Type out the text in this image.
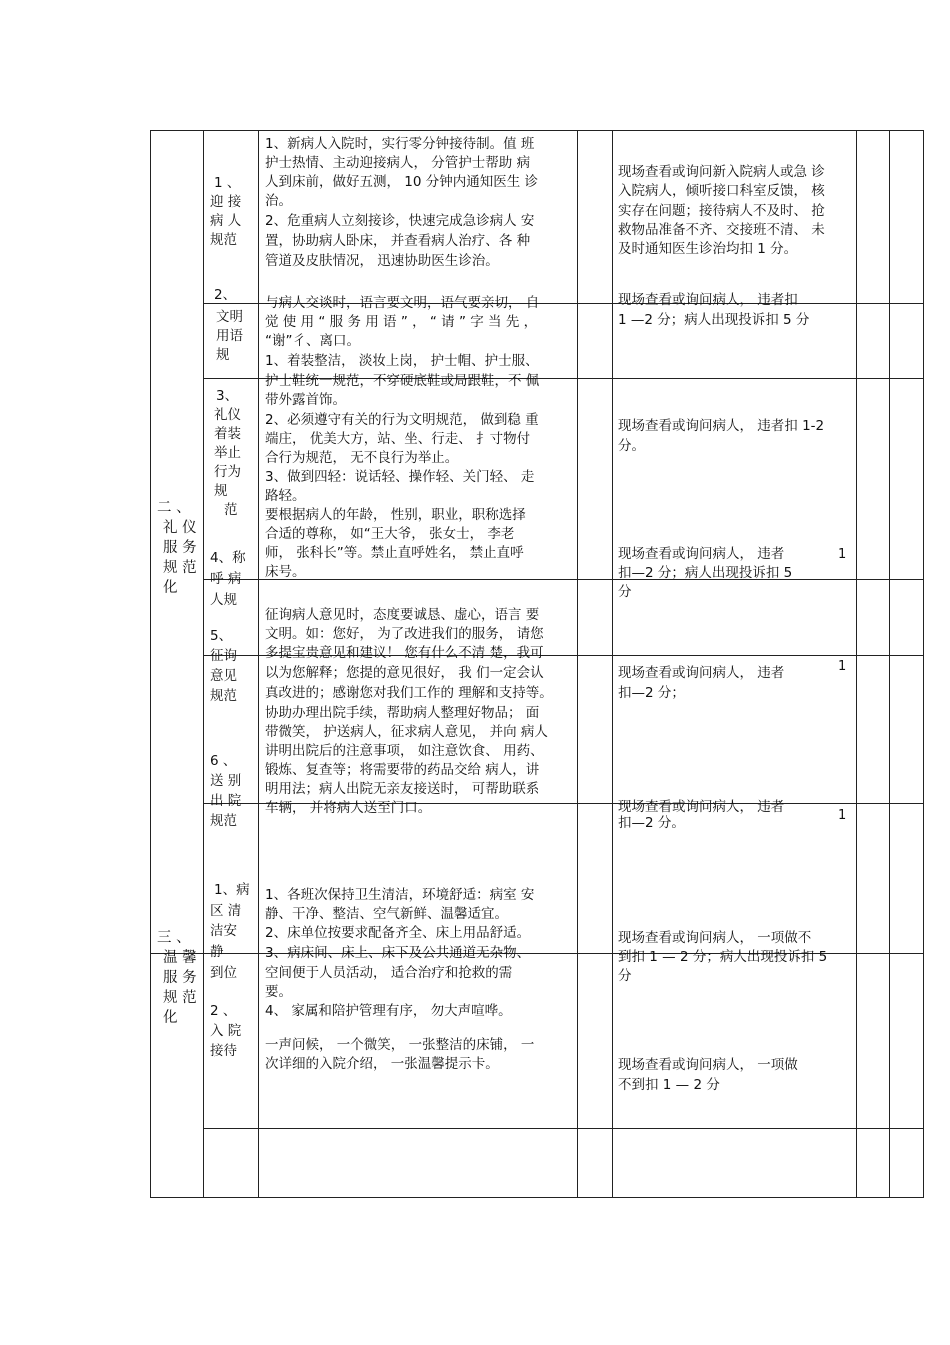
二 、
礼 仪
服 务
规 范
化
三 、
温 馨
服 务
规 范
化
1 、
迎 接
病 人
规范
2、
文明
用语
规
3、
礼仪
着装
举止
行为
规
范
4、称
呼 病
人规
5、
征询
意见
规范
6 、
送 别
出 院
规范
1、病
区 清
洁安
静
到位
2 、
入 院
接待
1、新病人入院时，实行零分钟接待制。值 班
护士热情、主动迎接病人， 分管护士帮助 病
人到床前，做好五测， 10 分钟内通知医生 诊
治。
2、危重病人立刻接诊，快速完成急诊病人 安
置，协助病人卧床， 并查看病人治疗、各 种
管道及皮肤情况， 迅速协助医生诊治。
与病人交谈时，语言要文明，语气要亲切， 自
觉 使 用 “ 服 务 用 语 ” ， “ 请 ” 字 当 先 ，
“谢”彳、离口。
1、着装整洁， 淡妆上岗， 护士帽、护士服、
护士鞋统一规范，不穿硬底鞋或局跟鞋，不 佩
带外露首饰。
2、必须遵守有关的行为文明规范， 做到稳 重
端庄， 优美大方，站、坐、行走、 扌寸物付
合行为规范， 无不良行为举止。
3、做到四轻：说话轻、操作轻、关门轻、 走
路轻。
要根据病人的年龄， 性别，职业，职称选择
合适的尊称， 如“王大爷， 张女士， 李老
师， 张科长”等。禁止直呼姓名， 禁止直呼
床号。
征询病人意见时，态度要诚恳、虚心，语言 要
文明。如：您好， 为了改进我们的服务， 请您
多提宝贵意见和建议！ 您有什么不清 楚，我可
以为您解释；您提的意见很好， 我 们一定会认
真改进的；感谢您对我们工作的 理解和支持等。
协助办理出院手续，帮助病人整理好物品； 面
带微笑， 护送病人，征求病人意见， 并向 病人
讲明出院后的注意事项， 如注意饮食、 用药、
锻炼、复查等；将需要带的药品交给 病人，讲
明用法；病人出院无亲友接送时， 可帮助联系
车辆， 并将病人送至门口。
1、各班次保持卫生清洁，环境舒适：病室 安
静、干净、整洁、空气新鲜、温馨适宜。
2、床单位按要求配备齐全、床上用品舒适。
3、病床间、床上、床下及公共通道无杂物、
空间便于人员活动， 适合治疗和抢救的需
要。
4、 家属和陪护管理有序， 勿大声喧哗。
一声问候， 一个微笑， 一张整洁的床铺， 一
次详细的入院介绍， 一张温馨提示卡。
现场查看或询问新入院病人或急 诊
入院病人，倾听接口科室反馈， 核
实存在问题；接待病人不及时、 抢
救物品准备不齐、交接班不清、 未
及时通知医生诊治均扣 1 分。
现场查看或询问病人， 违者扣
1 —2 分；病人出现投诉扣 5 分
现场查看或询问病人， 违者扣 1-2
分。
现场查看或询问病人， 违者
扣—2 分；病人出现投诉扣 5
分
现场查看或询问病人， 违者
扣—2 分；
现场查看或询问病人， 违者
扣—2 分。
现场查看或询问病人， 一项做不
到扣 1 — 2 分；病人出现投诉扣 5
分
现场查看或询问病人， 一项做
不到扣 1 — 2 分
1
1
1
